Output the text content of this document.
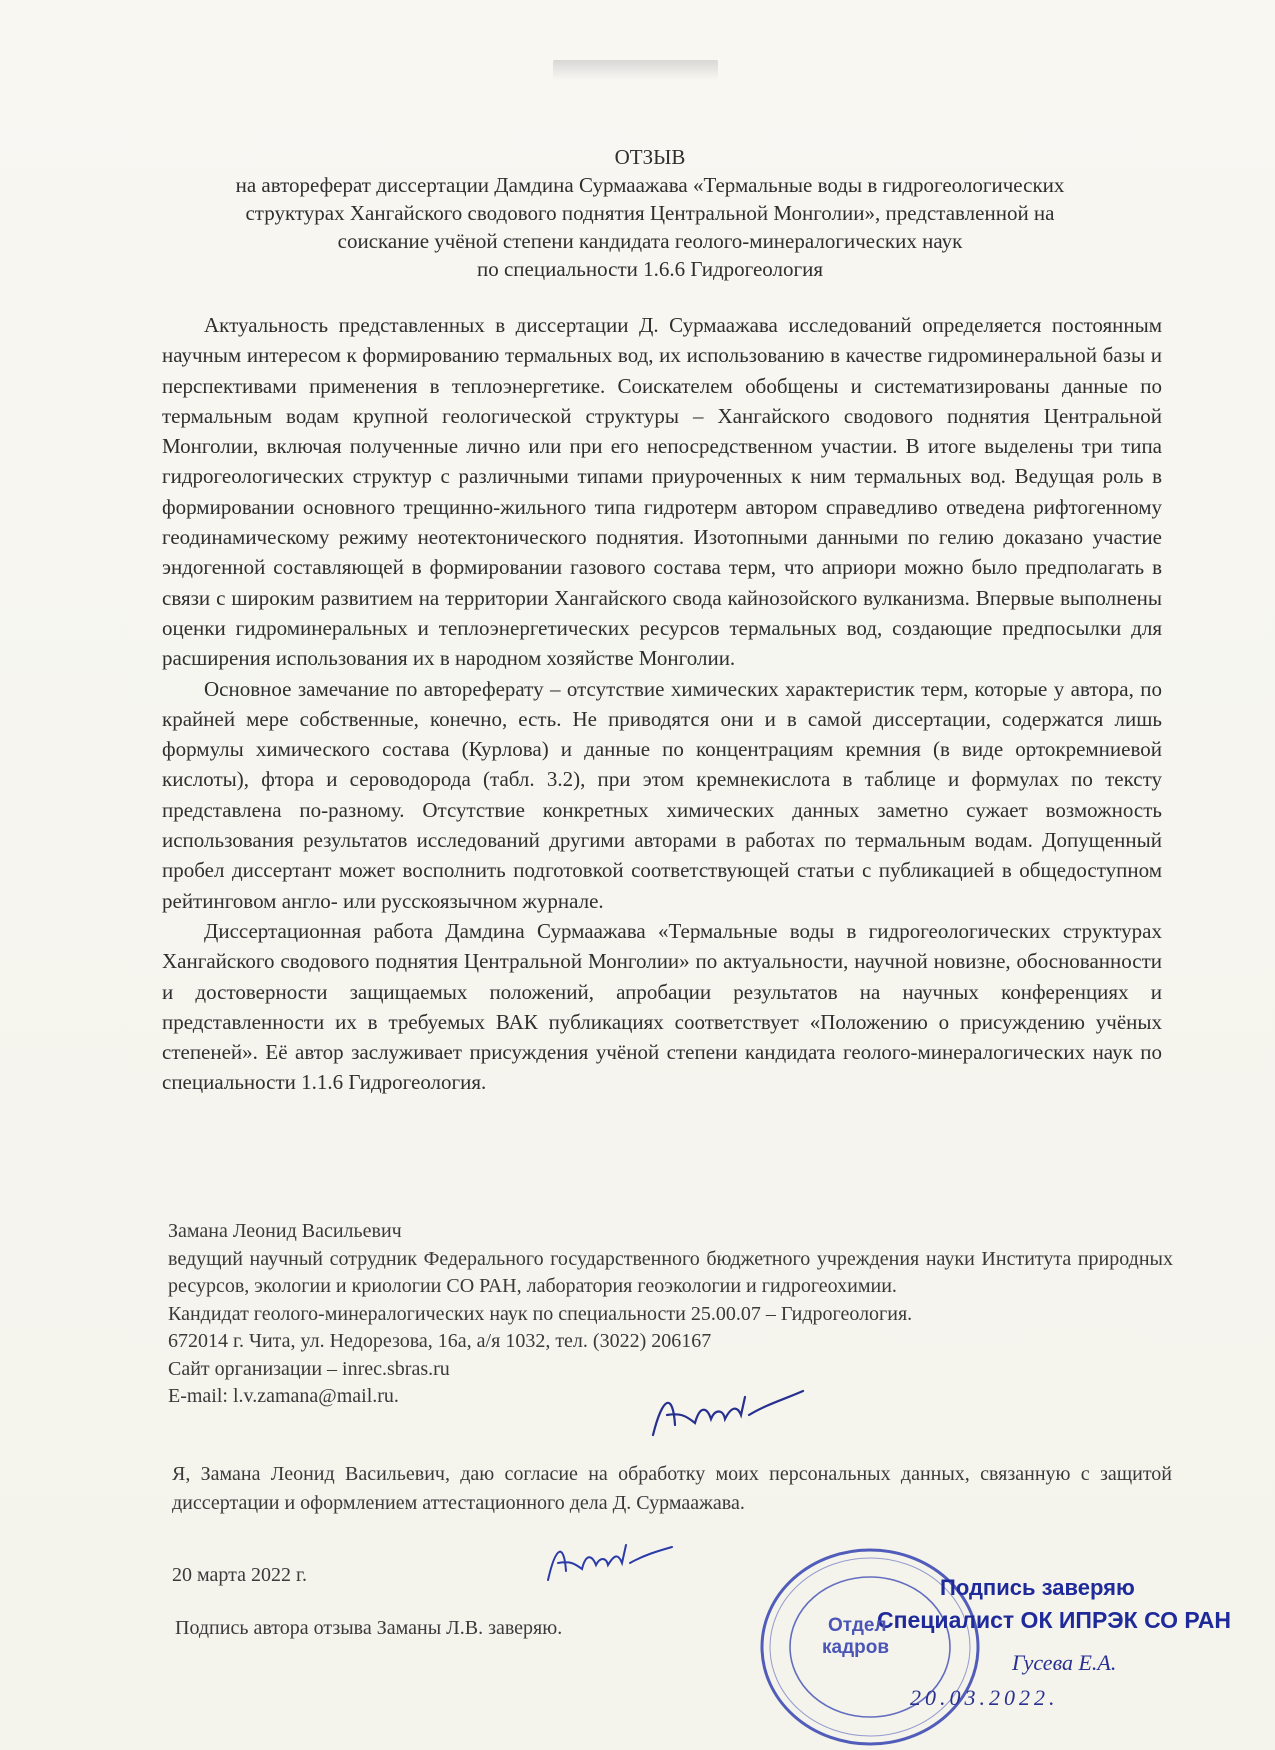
ОТЗЫВ
на автореферат диссертации Дамдина Сурмаажава «Термальные воды в гидрогеологических
структурах Хангайского сводового поднятия Центральной Монголии», представленной на
соискание учёной степени кандидата геолого-минералогических наук
по специальности 1.6.6 Гидрогеология

Актуальность представленных в диссертации Д. Сурмаажава исследований определяется постоянным научным интересом к формированию термальных вод, их использованию в качестве гидроминеральной базы и перспективами применения в теплоэнергетике. Соискателем обобщены и систематизированы данные по термальным водам крупной геологической структуры – Хангайского сводового поднятия Центральной Монголии, включая полученные лично или при его непосредственном участии. В итоге выделены три типа гидрогеологических структур с различными типами приуроченных к ним термальных вод. Ведущая роль в формировании основного трещинно-жильного типа гидротерм автором справедливо отведена рифтогенному геодинамическому режиму неотектонического поднятия. Изотопными данными по гелию доказано участие эндогенной составляющей в формировании газового состава терм, что априори можно было предполагать в связи с широким развитием на территории Хангайского свода кайнозойского вулканизма. Впервые выполнены оценки гидроминеральных и теплоэнергетических ресурсов термальных вод, создающие предпосылки для расширения использования их в народном хозяйстве Монголии.

Основное замечание по автореферату – отсутствие химических характеристик терм, которые у автора, по крайней мере собственные, конечно, есть. Не приводятся они и в самой диссертации, содержатся лишь формулы химического состава (Курлова) и данные по концентрациям кремния (в виде ортокремниевой кислоты), фтора и сероводорода (табл. 3.2), при этом кремнекислота в таблице и формулах по тексту представлена по-разному. Отсутствие конкретных химических данных заметно сужает возможность использования результатов исследований другими авторами в работах по термальным водам. Допущенный пробел диссертант может восполнить подготовкой соответствующей статьи с публикацией в общедоступном рейтинговом англо- или русскоязычном журнале.

Диссертационная работа Дамдина Сурмаажава «Термальные воды в гидрогеологических структурах Хангайского сводового поднятия Центральной Монголии» по актуальности, научной новизне, обоснованности и достоверности защищаемых положений, апробации результатов на научных конференциях и представленности их в требуемых ВАК публикациях соответствует «Положению о присуждению учёных степеней». Её автор заслуживает присуждения учёной степени кандидата геолого-минералогических наук по специальности 1.1.6 Гидрогеология.

Замана Леонид Васильевич
ведущий научный сотрудник Федерального государственного бюджетного учреждения науки Института природных ресурсов, экологии и криологии СО РАН, лаборатория геоэкологии и гидрогеохимии.
Кандидат геолого-минералогических наук по специальности 25.00.07 – Гидрогеология.
672014 г. Чита, ул. Недорезова, 16а, а/я 1032, тел. (3022) 206167
Сайт организации – inrec.sbras.ru
E-mail: l.v.zamana@mail.ru.
Я, Замана Леонид Васильевич, даю согласие на обработку моих персональных данных, связанную с защитой диссертации и оформлением аттестационного дела Д. Сурмаажава.
20 марта 2022 г.
Подпись автора отзыва Заманы Л.В. заверяю.
Подпись заверяю
Специалист ОК ИПРЭК СО РАН
Отдел
кадров
Гусева Е.А.
20.03.2022.
